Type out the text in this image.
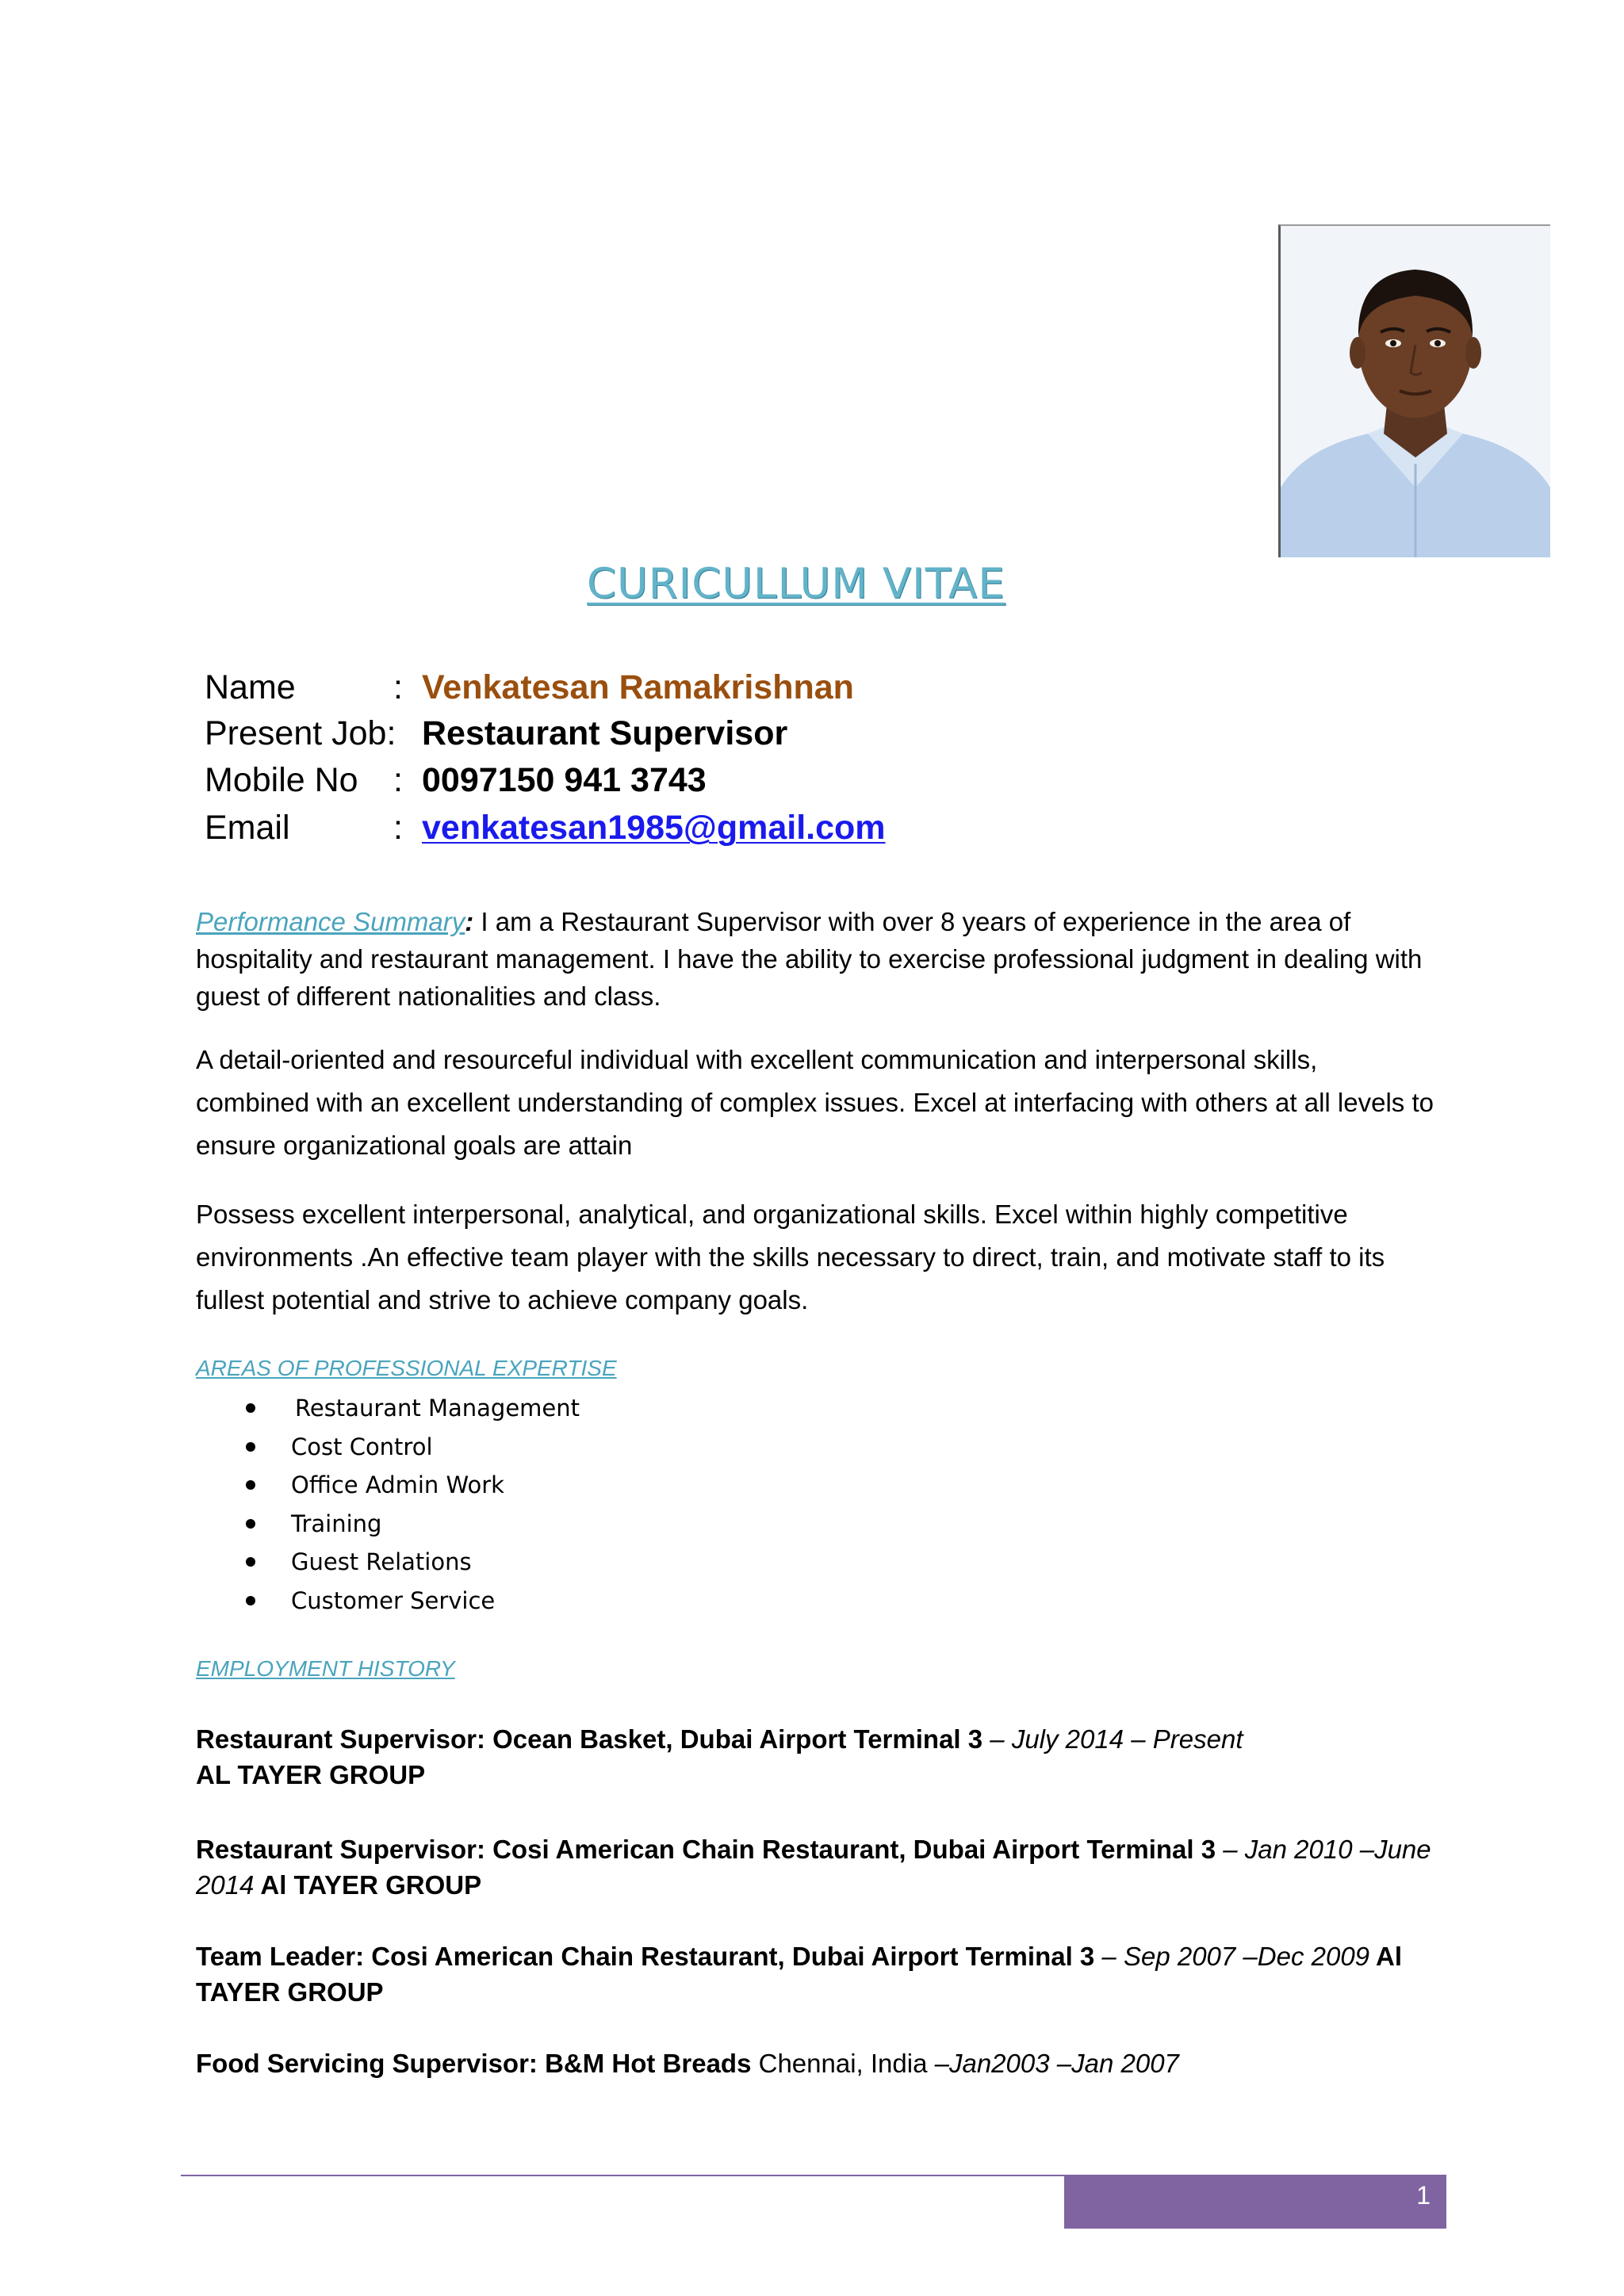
CURICULLUM VITAE
Name	: Venkatesan Ramakrishnan
Present Job: Restaurant Supervisor
Mobile No : 0097150 941 3743
Email	: venkatesan1985@gmail.com
Performance Summary: I am a Restaurant Supervisor with over 8 years of experience in the area of hospitality and restaurant management. I have the ability to exercise professional judgment in dealing with guest of different nationalities and class.
A detail-oriented and resourceful individual with excellent communication and interpersonal skills, combined with an excellent understanding of complex issues. Excel at interfacing with others at all levels to ensure organizational goals are attain
Possess excellent interpersonal, analytical, and organizational skills. Excel within highly competitive environments .An effective team player with the skills necessary to direct, train, and motivate staff to its fullest potential and strive to achieve company goals.
AREAS OF PROFESSIONAL EXPERTISE
Restaurant Management
Cost Control
Office Admin Work
Training
Guest Relations
Customer Service
EMPLOYMENT HISTORY
Restaurant Supervisor: Ocean Basket, Dubai Airport Terminal 3 – July 2014 – Present
AL TAYER GROUP
Restaurant Supervisor: Cosi American Chain Restaurant, Dubai Airport Terminal 3 – Jan 2010 –June 2014 Al TAYER GROUP
Team Leader: Cosi American Chain Restaurant, Dubai Airport Terminal 3 – Sep 2007 –Dec 2009 Al TAYER GROUP
Food Servicing Supervisor: B&M Hot Breads Chennai, India –Jan2003 –Jan 2007
1
